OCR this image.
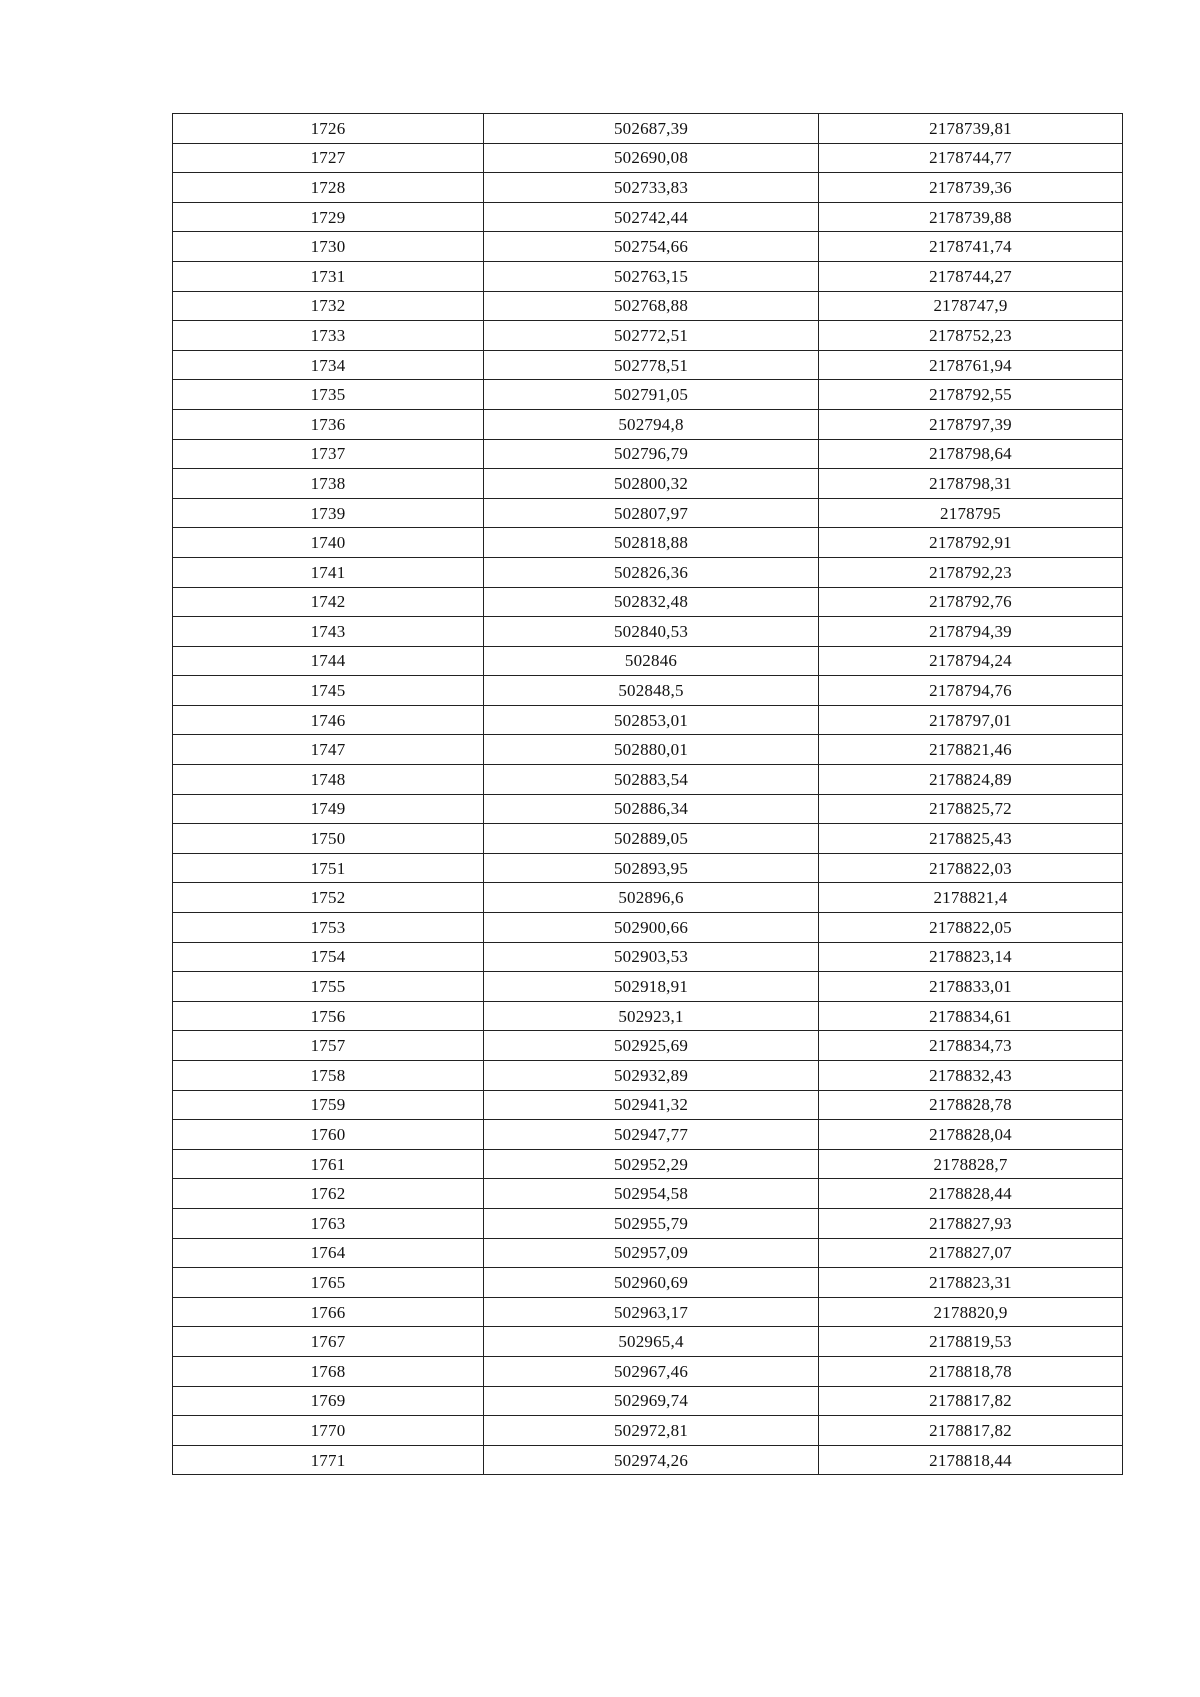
1726	502687,39	2178739,81
1727	502690,08	2178744,77
1728	502733,83	2178739,36
1729	502742,44	2178739,88
1730	502754,66	2178741,74
1731	502763,15	2178744,27
1732	502768,88	2178747,9
1733	502772,51	2178752,23
1734	502778,51	2178761,94
1735	502791,05	2178792,55
1736	502794,8	2178797,39
1737	502796,79	2178798,64
1738	502800,32	2178798,31
1739	502807,97	2178795
1740	502818,88	2178792,91
1741	502826,36	2178792,23
1742	502832,48	2178792,76
1743	502840,53	2178794,39
1744	502846	2178794,24
1745	502848,5	2178794,76
1746	502853,01	2178797,01
1747	502880,01	2178821,46
1748	502883,54	2178824,89
1749	502886,34	2178825,72
1750	502889,05	2178825,43
1751	502893,95	2178822,03
1752	502896,6	2178821,4
1753	502900,66	2178822,05
1754	502903,53	2178823,14
1755	502918,91	2178833,01
1756	502923,1	2178834,61
1757	502925,69	2178834,73
1758	502932,89	2178832,43
1759	502941,32	2178828,78
1760	502947,77	2178828,04
1761	502952,29	2178828,7
1762	502954,58	2178828,44
1763	502955,79	2178827,93
1764	502957,09	2178827,07
1765	502960,69	2178823,31
1766	502963,17	2178820,9
1767	502965,4	2178819,53
1768	502967,46	2178818,78
1769	502969,74	2178817,82
1770	502972,81	2178817,82
1771	502974,26	2178818,44
